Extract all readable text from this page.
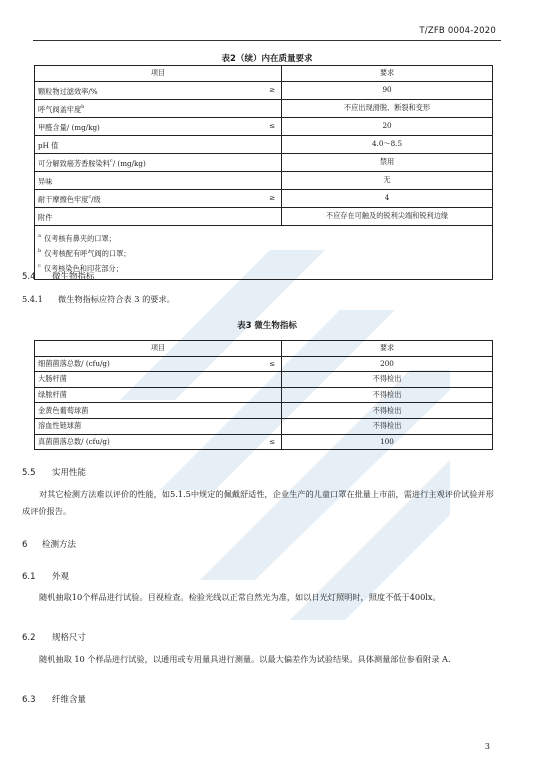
T/ZFB 0004-2020
表2（续）内在质量要求
项目		要求
颗粒物过滤效率/%	≥	90
呼气阀盖牢度$^b$		不应出现滑脱、断裂和变形
甲醛含量/ (mg/kg)	≤	20
pH 值		4.0～8.5
可分解致癌芳香胺染料$^c$/ (mg/kg)		禁用
异味		无
耐干摩擦色牢度$^c$/级	≥	4
附件		不应存在可触及的锐利尖端和锐利边缘

$^a$ 仅考核有鼻夹的口罩；
$^b$ 仅考核配有呼气阀的口罩；
$^c$ 仅考核染色和印花部分；		
5.4 微生物指标
5.4.1 微生物指标应符合表 3 的要求。
表3 微生物指标
项目		要求
细菌菌落总数/ (cfu/g)	≤	200
大肠杆菌		不得检出
绿脓杆菌		不得检出
金黄色葡萄球菌		不得检出
溶血性链球菌		不得检出
真菌菌落总数/ (cfu/g)	≤	100
5.5 实用性能
对其它检测方法难以评价的性能，如5.1.5中规定的佩戴舒适性，企业生产的儿童口罩在批量上市前，需进行主观评价试验并形成评价报告。
6 检测方法
6.1 外观
随机抽取10个样品进行试验。目视检查。检验光线以正常自然光为准，如以日光灯照明时，照度不低于400lx。
6.2 规格尺寸
随机抽取 10 个样品进行试验，以通用或专用量具进行测量。以最大偏差作为试验结果。具体测量部位参看附录 A.
6.3 纤维含量
3
